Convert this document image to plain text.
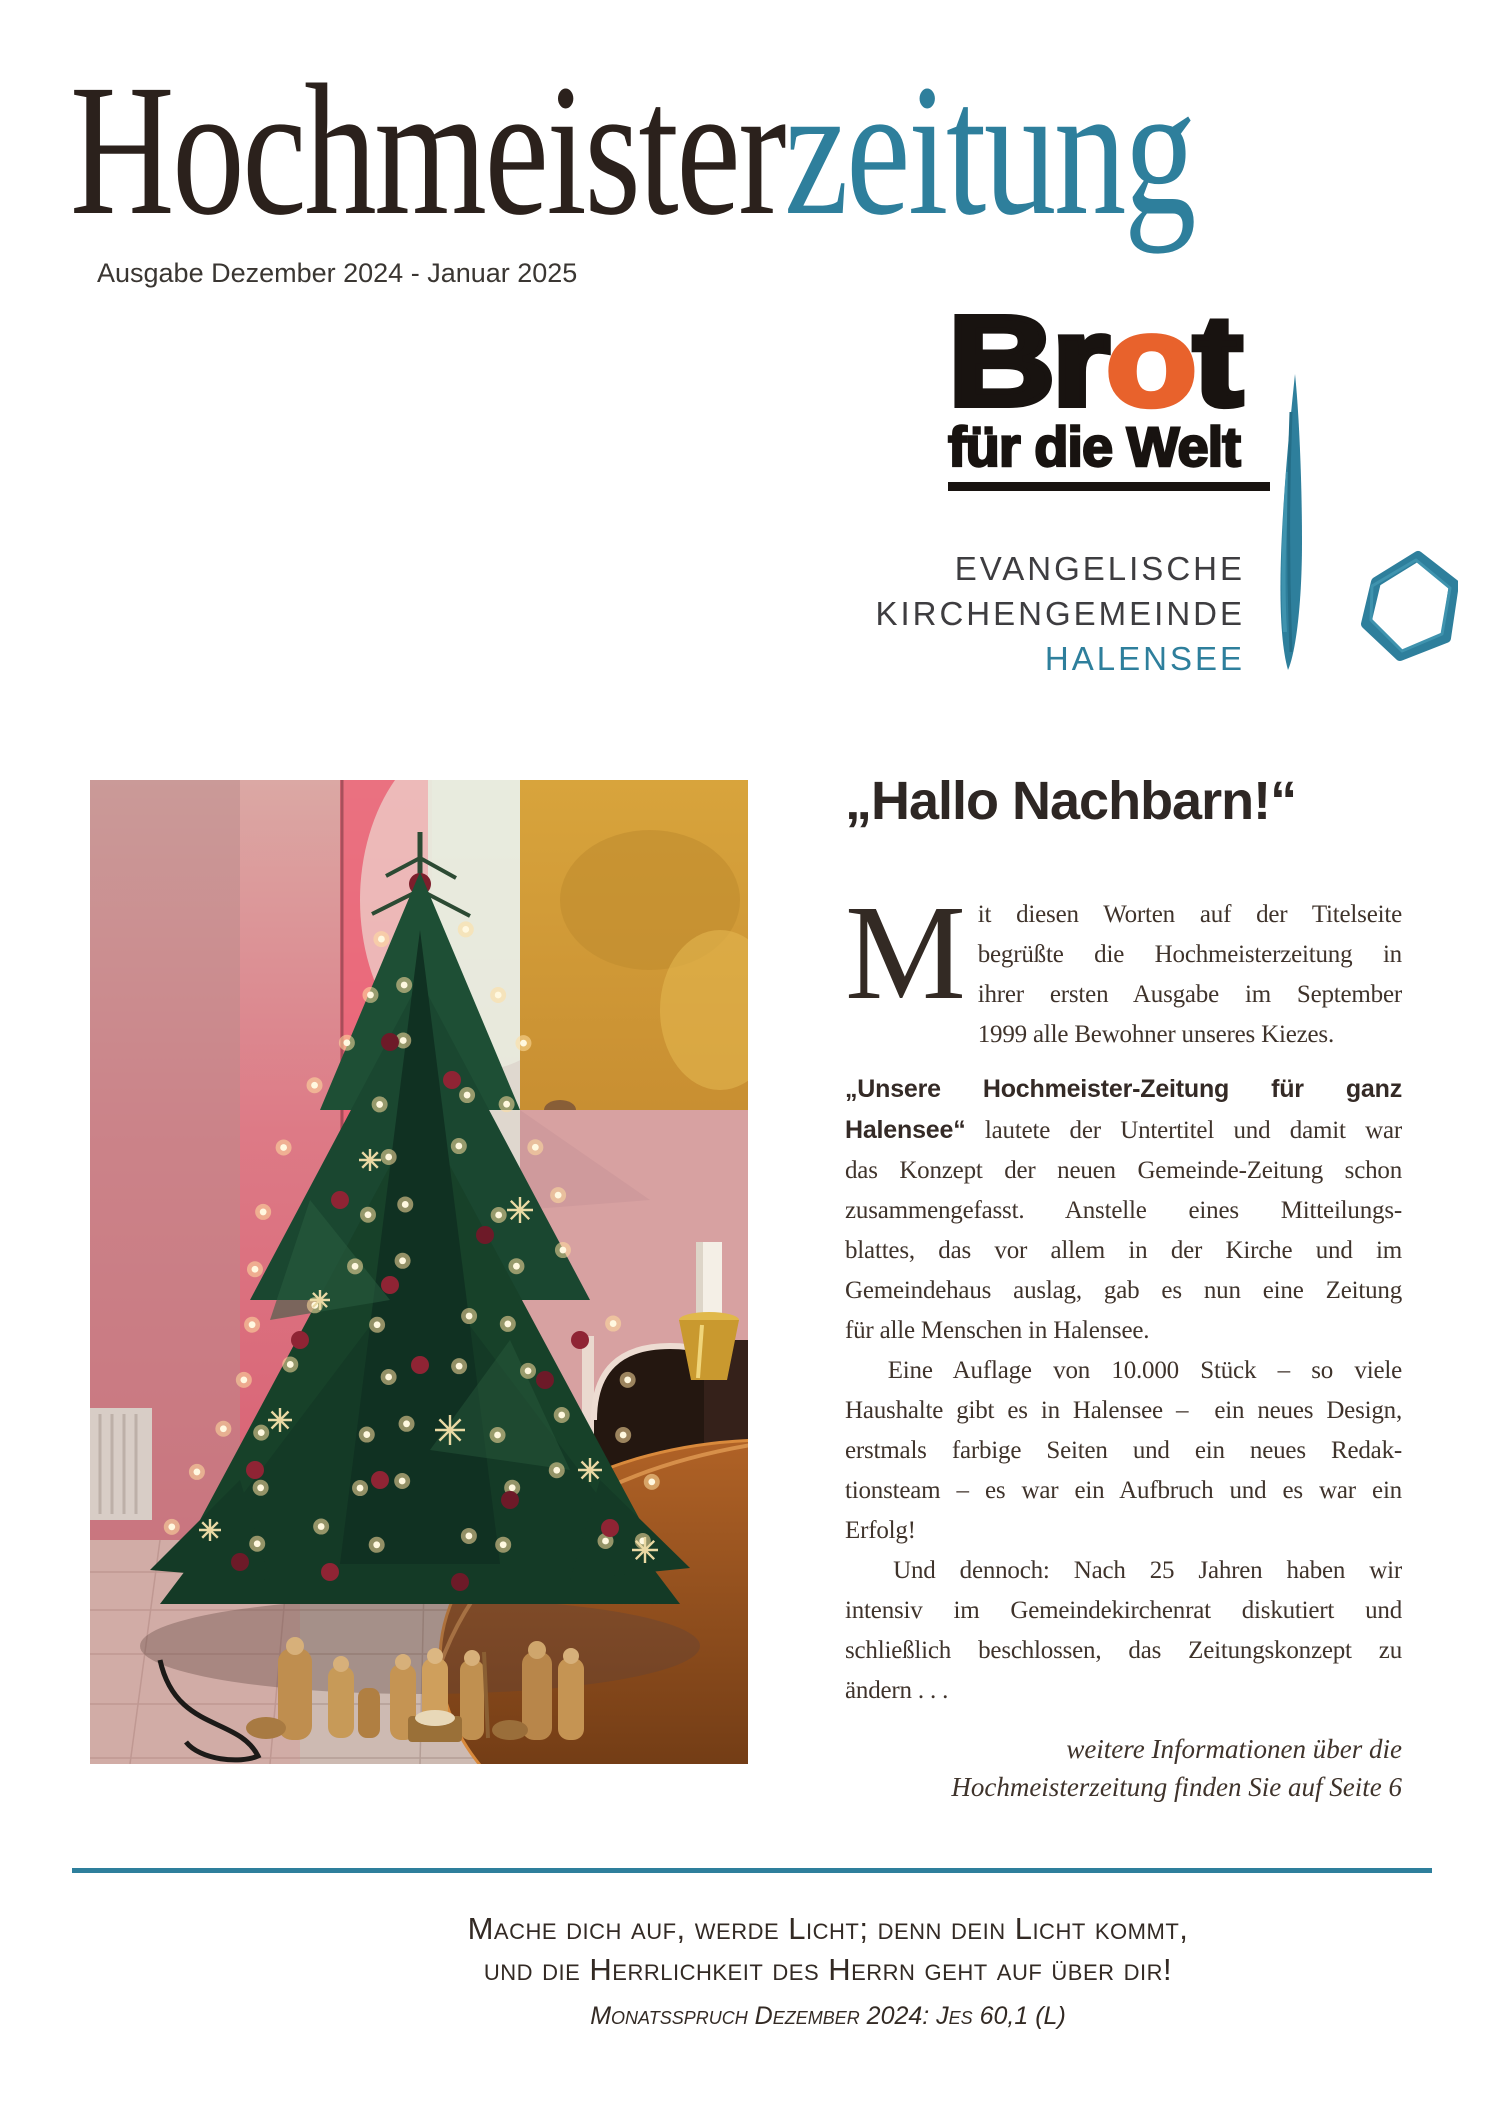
Hochmeisterzeitung
Ausgabe Dezember 2024 - Januar 2025
Brot
für die Welt
EVANGELISCHE
KIRCHENGEMEINDE
HALENSEE
„Hallo Nachbarn!“
M it diesen Worten auf der Titelseite
begrüßte die Hochmeisterzeitung in
ihrer ersten Ausgabe im September
1999 alle Bewohner unseres Kiezes.
„Unsere Hochmeister-Zeitung für ganz
Halensee“ lautete der Untertitel und damit war
das Konzept der neuen Gemeinde-Zeitung schon
zusammengefasst. Anstelle eines Mitteilungs-
blattes, das vor allem in der Kirche und im
Gemeindehaus auslag, gab es nun eine Zeitung
für alle Menschen in Halensee.
Eine Auflage von 10.000 Stück – so viele
Haushalte gibt es in Halensee –  ein neues Design,
erstmals farbige Seiten und ein neues Redak-
tionsteam – es war ein Aufbruch und es war ein
Erfolg!
Und dennoch: Nach 25 Jahren haben wir
intensiv im Gemeindekirchenrat diskutiert und
schließlich beschlossen, das Zeitungskonzept zu
ändern . . .
weitere Informationen über die
Hochmeisterzeitung finden Sie auf Seite 6
Mache dich auf, werde Licht; denn dein Licht kommt,
und die Herrlichkeit des Herrn geht auf über dir!
Monatsspruch Dezember 2024: Jes 60,1 (L)
